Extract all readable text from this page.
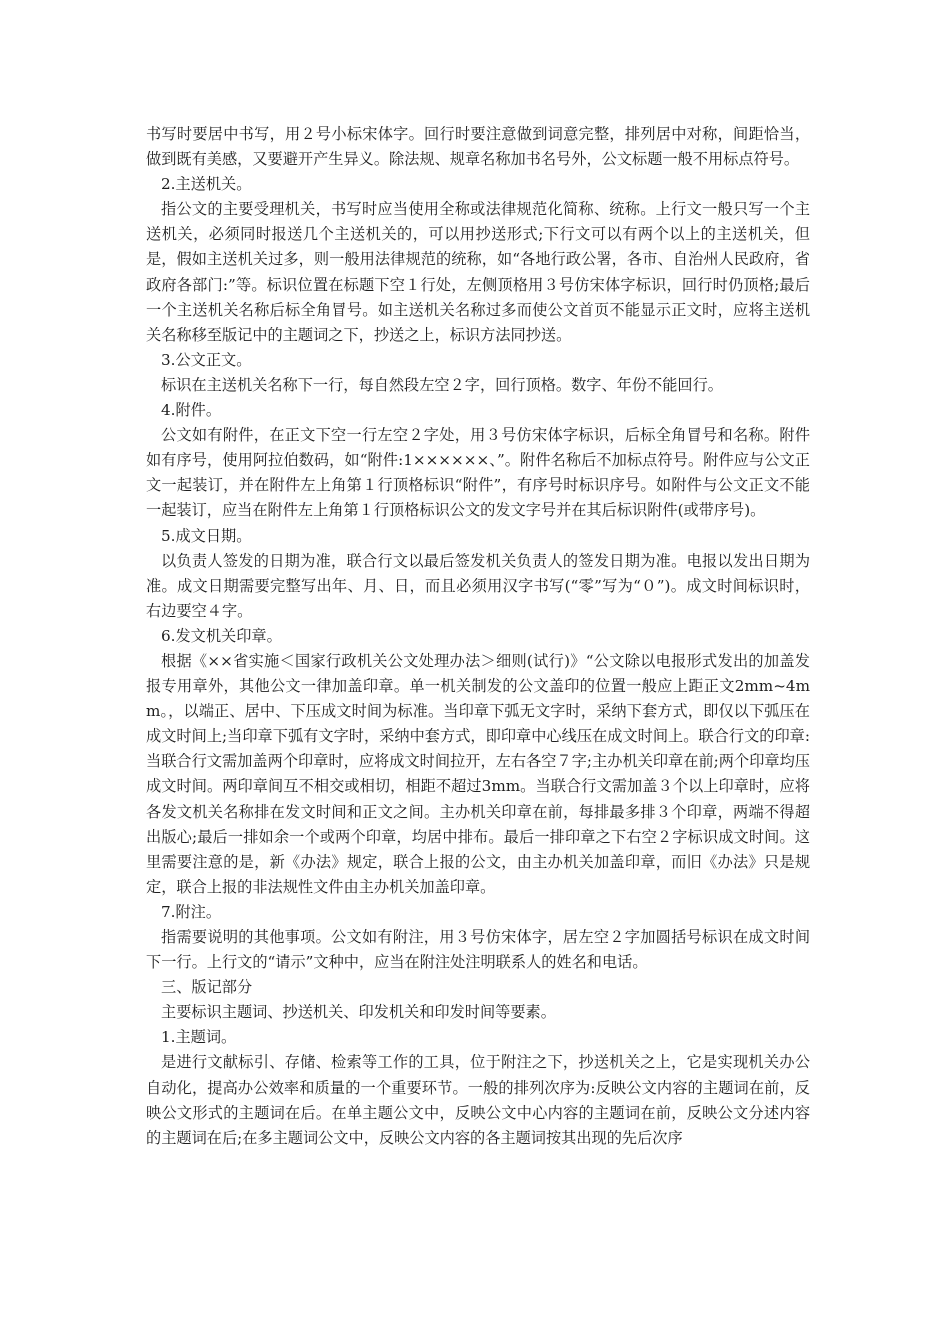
书写时要居中书写，用２号小标宋体字。回行时要注意做到词意完整，排列居中对称，间距恰当，做到既有美感，又要避开产生异义。除法规、规章名称加书名号外，公文标题一般不用标点符号。

2.主送机关。

指公文的主要受理机关，书写时应当使用全称或法律规范化简称、统称。上行文一般只写一个主送机关，必须同时报送几个主送机关的，可以用抄送形式;下行文可以有两个以上的主送机关，但是，假如主送机关过多，则一般用法律规范的统称，如“各地行政公署，各市、自治州人民政府，省政府各部门:”等。标识位置在标题下空１行处，左侧顶格用３号仿宋体字标识，回行时仍顶格;最后一个主送机关名称后标全角冒号。如主送机关名称过多而使公文首页不能显示正文时，应将主送机关名称移至版记中的主题词之下，抄送之上，标识方法同抄送。

3.公文正文。

标识在主送机关名称下一行，每自然段左空２字，回行顶格。数字、年份不能回行。

4.附件。

公文如有附件，在正文下空一行左空２字处，用３号仿宋体字标识，后标全角冒号和名称。附件如有序号，使用阿拉伯数码，如“附件:1××××××、”。附件名称后不加标点符号。附件应与公文正文一起装订，并在附件左上角第１行顶格标识“附件”，有序号时标识序号。如附件与公文正文不能一起装订，应当在附件左上角第１行顶格标识公文的发文字号并在其后标识附件(或带序号)。

5.成文日期。

以负责人签发的日期为准，联合行文以最后签发机关负责人的签发日期为准。电报以发出日期为准。成文日期需要完整写出年、月、日，而且必须用汉字书写(“零”写为“０”)。成文时间标识时，右边要空４字。

6.发文机关印章。

根据《××省实施＜国家行政机关公文处理办法＞细则(试行)》“公文除以电报形式发出的加盖发报专用章外，其他公文一律加盖印章。单一机关制发的公文盖印的位置一般应上距正文2mm~4mm。，以端正、居中、下压成文时间为标准。当印章下弧无文字时，采纳下套方式，即仅以下弧压在成文时间上;当印章下弧有文字时，采纳中套方式，即印章中心线压在成文时间上。联合行文的印章:当联合行文需加盖两个印章时，应将成文时间拉开，左右各空７字;主办机关印章在前;两个印章均压成文时间。两印章间互不相交或相切，相距不超过3mm。当联合行文需加盖３个以上印章时，应将各发文机关名称排在发文时间和正文之间。主办机关印章在前，每排最多排３个印章，两端不得超出版心;最后一排如余一个或两个印章，均居中排布。最后一排印章之下右空２字标识成文时间。这里需要注意的是，新《办法》规定，联合上报的公文，由主办机关加盖印章，而旧《办法》只是规定，联合上报的非法规性文件由主办机关加盖印章。

7.附注。

指需要说明的其他事项。公文如有附注，用３号仿宋体字，居左空２字加圆括号标识在成文时间下一行。上行文的“请示”文种中，应当在附注处注明联系人的姓名和电话。

三、版记部分

主要标识主题词、抄送机关、印发机关和印发时间等要素。

1.主题词。

是进行文献标引、存储、检索等工作的工具，位于附注之下，抄送机关之上，它是实现机关办公自动化，提高办公效率和质量的一个重要环节。一般的排列次序为:反映公文内容的主题词在前，反映公文形式的主题词在后。在单主题公文中，反映公文中心内容的主题词在前，反映公文分述内容的主题词在后;在多主题词公文中，反映公文内容的各主题词按其出现的先后次序
